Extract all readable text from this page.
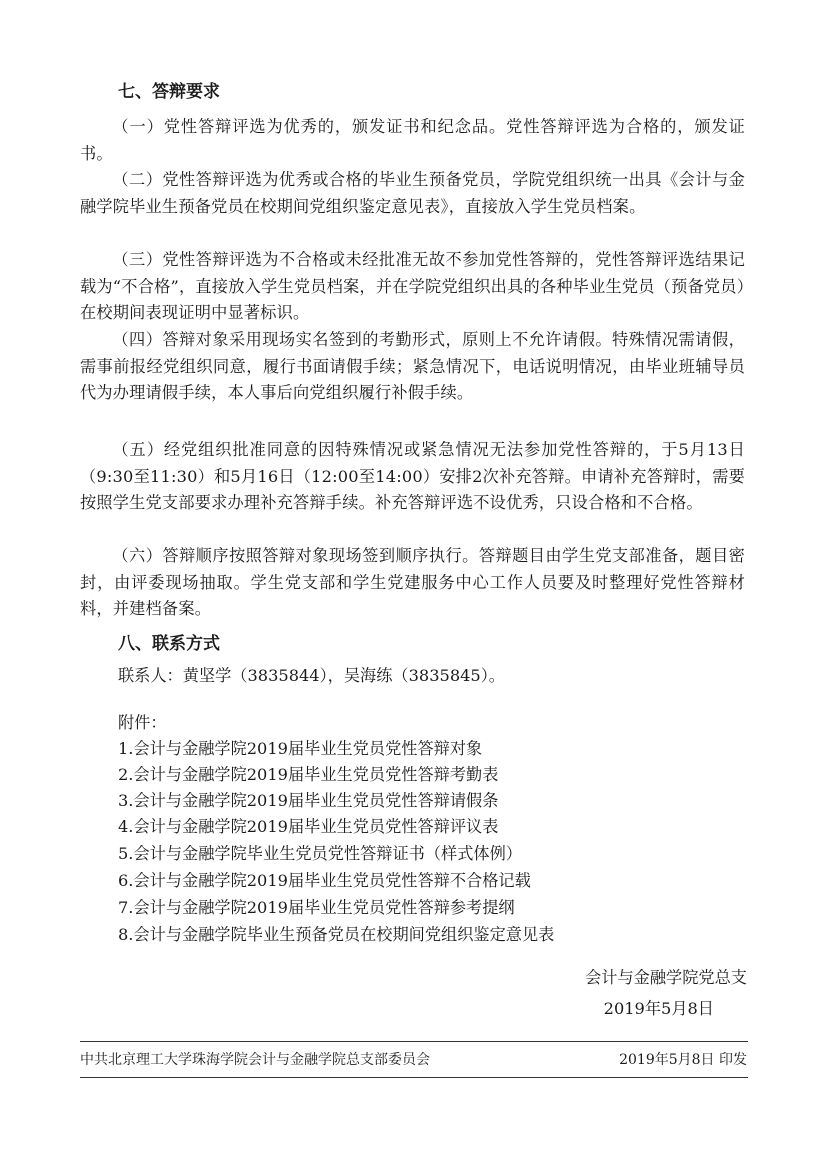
七、答辩要求

（一）党性答辩评选为优秀的，颁发证书和纪念品。党性答辩评选为合格的，颁发证书。

（二）党性答辩评选为优秀或合格的毕业生预备党员，学院党组织统一出具《会计与金融学院毕业生预备党员在校期间党组织鉴定意见表》，直接放入学生党员档案。

（三）党性答辩评选为不合格或未经批准无故不参加党性答辩的，党性答辩评选结果记载为“不合格”，直接放入学生党员档案，并在学院党组织出具的各种毕业生党员（预备党员）在校期间表现证明中显著标识。

（四）答辩对象采用现场实名签到的考勤形式，原则上不允许请假。特殊情况需请假，需事前报经党组织同意，履行书面请假手续；紧急情况下，电话说明情况，由毕业班辅导员代为办理请假手续，本人事后向党组织履行补假手续。

（五）经党组织批准同意的因特殊情况或紧急情况无法参加党性答辩的，于5月13日（9:30至11:30）和5月16日（12:00至14:00）安排2次补充答辩。申请补充答辩时，需要按照学生党支部要求办理补充答辩手续。补充答辩评选不设优秀，只设合格和不合格。

（六）答辩顺序按照答辩对象现场签到顺序执行。答辩题目由学生党支部准备，题目密封，由评委现场抽取。学生党支部和学生党建服务中心工作人员要及时整理好党性答辩材料，并建档备案。

八、联系方式
联系人：黄坚学（3835844），吴海练（3835845）。
附件：
1.会计与金融学院2019届毕业生党员党性答辩对象
2.会计与金融学院2019届毕业生党员党性答辩考勤表
3.会计与金融学院2019届毕业生党员党性答辩请假条
4.会计与金融学院2019届毕业生党员党性答辩评议表
5.会计与金融学院毕业生党员党性答辩证书（样式体例）
6.会计与金融学院2019届毕业生党员党性答辩不合格记载
7.会计与金融学院2019届毕业生党员党性答辩参考提纲
8.会计与金融学院毕业生预备党员在校期间党组织鉴定意见表
会计与金融学院党总支
2019年5月8日
中共北京理工大学珠海学院会计与金融学院总支部委员会	2019年5月8日 印发
